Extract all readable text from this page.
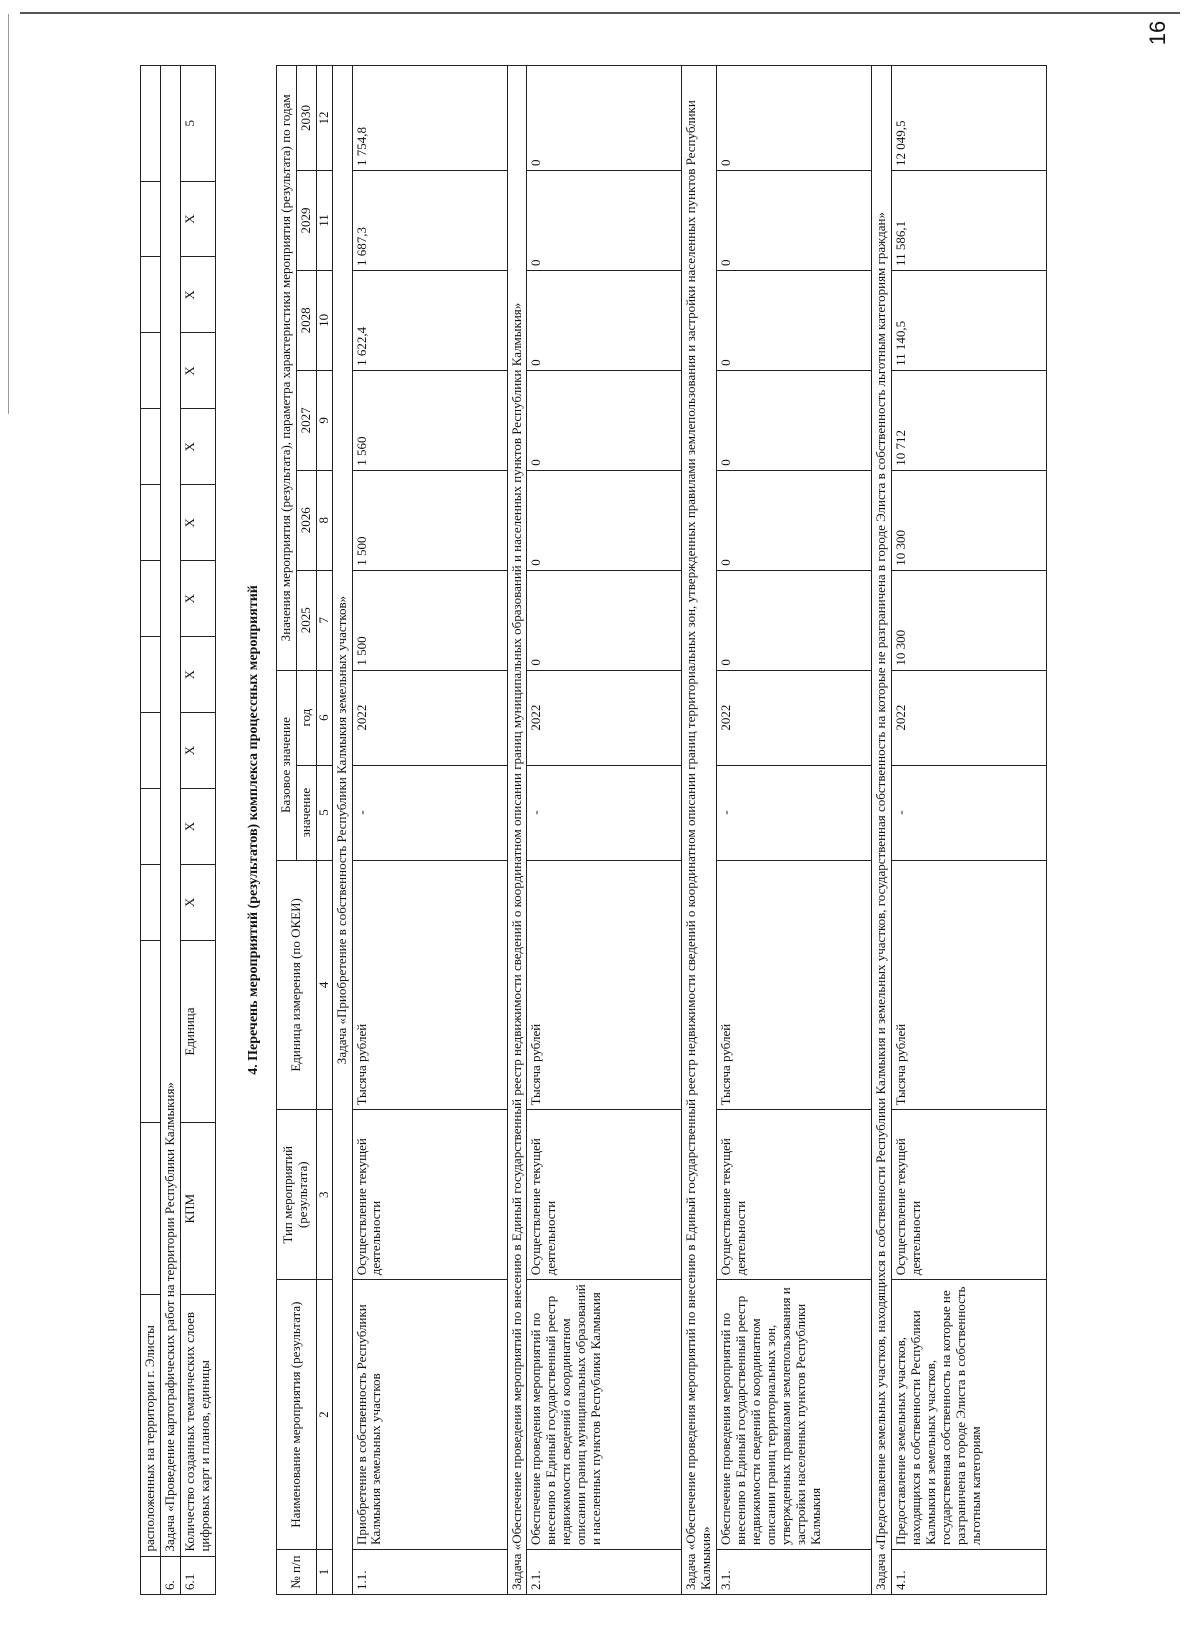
16
	расположенных на территории г. Элисты													
6.	Задача «Проведение картографических работ на территории Республики Калмыкия»													
6.1	Количество созданных тематических слоев цифровых карт и планов, единицы	КПМ	Единица	X	X	X	X	X	X	X	X	X	X	5
4. Перечень мероприятий (результатов) комплекса процессных мероприятий
№ п/п	Наименование мероприятия (результата)	Тип мероприятий (результата)	Единица измерения (по ОКЕИ)	Базовое значение		Значения мероприятия (результата), параметра характеристики мероприятия (результата) по годам					
				значение	год	2025	2026	2027	2028	2029	2030
1	2	3	4	5	6	7	8	9	10	11	12
Задача «Приобретение в собственность Республики Калмыкия земельных участков»											
1.1.	Приобретение в собственность Республики Калмыкия земельных участков	Осуществление текущей деятельности	Тысяча рублей	-	2022	1 500	1 500	1 560	1 622,4	1 687,3	1 754,8
Задача «Обеспечение проведения мероприятий по внесению в Единый государственный реестр недвижимости сведений о координатном описании границ муниципальных образований и населенных пунктов Республики Калмыкия»											
2.1.	Обеспечение проведения мероприятий по внесению в Единый государственный реестр недвижимости сведений о координатном описании границ муниципальных образований и населенных пунктов Республики Калмыкия	Осуществление текущей деятельности	Тысяча рублей	-	2022	0	0	0	0	0	0
Задача «Обеспечение проведения мероприятий по внесению в Единый государственный реестр недвижимости сведений о координатном описании границ территориальных зон, утвержденных правилами землепользования и застройки населенных пунктов Республики Калмыкия»											
3.1.	Обеспечение проведения мероприятий по внесению в Единый государственный реестр недвижимости сведений о координатном описании границ территориальных зон, утвержденных правилами землепользования и застройки населенных пунктов Республики Калмыкия	Осуществление текущей деятельности	Тысяча рублей	-	2022	0	0	0	0	0	0
Задача «Предоставление земельных участков, находящихся в собственности Республики Калмыкия и земельных участков, государственная собственность на которые не разграничена в городе Элиста в собственность льготным категориям граждан»											
4.1.	Предоставление земельных участков, находящихся в собственности Республики Калмыкия и земельных участков, государственная собственность на которые не разграничена в городе Элиста в собственность льготным категориям	Осуществление текущей деятельности	Тысяча рублей	-	2022	10 300	10 300	10 712	11 140,5	11 586,1	12 049,5
